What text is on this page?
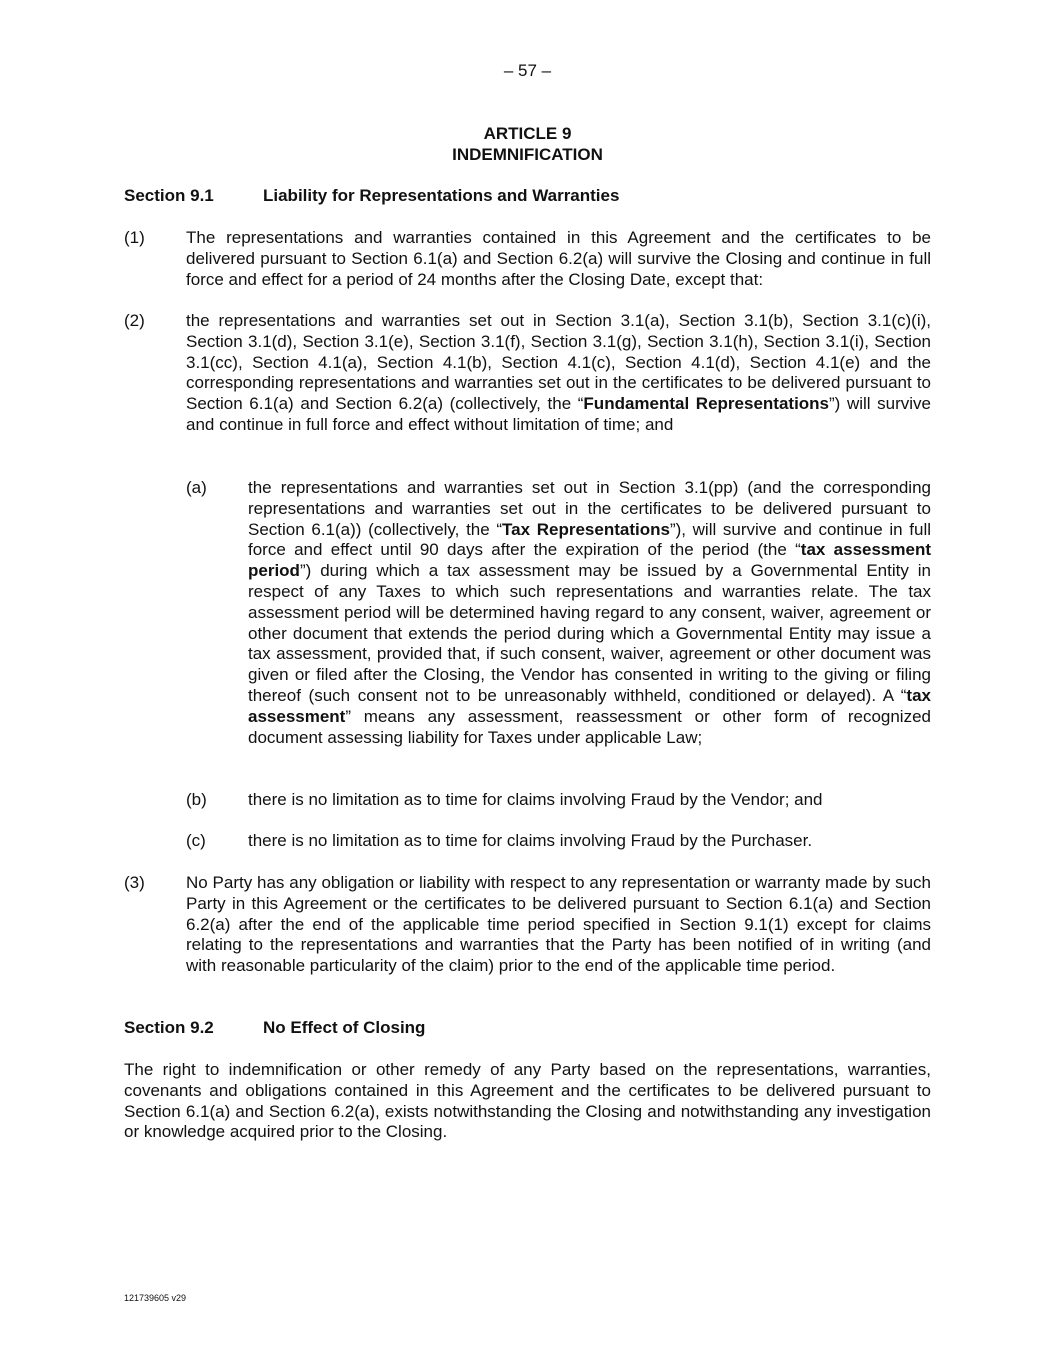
– 57 –
ARTICLE 9
INDEMNIFICATION
Section 9.1	Liability for Representations and Warranties
(1) The representations and warranties contained in this Agreement and the certificates to be delivered pursuant to Section 6.1(a) and Section 6.2(a) will survive the Closing and continue in full force and effect for a period of 24 months after the Closing Date, except that:
(2) the representations and warranties set out in Section 3.1(a), Section 3.1(b), Section 3.1(c)(i), Section 3.1(d), Section 3.1(e), Section 3.1(f), Section 3.1(g), Section 3.1(h), Section 3.1(i), Section 3.1(cc), Section 4.1(a), Section 4.1(b), Section 4.1(c), Section 4.1(d), Section 4.1(e) and the corresponding representations and warranties set out in the certificates to be delivered pursuant to Section 6.1(a) and Section 6.2(a) (collectively, the “Fundamental Representations”) will survive and continue in full force and effect without limitation of time; and
(a) the representations and warranties set out in Section 3.1(pp) (and the corresponding representations and warranties set out in the certificates to be delivered pursuant to Section 6.1(a)) (collectively, the “Tax Representations”), will survive and continue in full force and effect until 90 days after the expiration of the period (the “tax assessment period”) during which a tax assessment may be issued by a Governmental Entity in respect of any Taxes to which such representations and warranties relate. The tax assessment period will be determined having regard to any consent, waiver, agreement or other document that extends the period during which a Governmental Entity may issue a tax assessment, provided that, if such consent, waiver, agreement or other document was given or filed after the Closing, the Vendor has consented in writing to the giving or filing thereof (such consent not to be unreasonably withheld, conditioned or delayed). A “tax assessment” means any assessment, reassessment or other form of recognized document assessing liability for Taxes under applicable Law;
(b) there is no limitation as to time for claims involving Fraud by the Vendor; and
(c) there is no limitation as to time for claims involving Fraud by the Purchaser.
(3) No Party has any obligation or liability with respect to any representation or warranty made by such Party in this Agreement or the certificates to be delivered pursuant to Section 6.1(a) and Section 6.2(a) after the end of the applicable time period specified in Section 9.1(1) except for claims relating to the representations and warranties that the Party has been notified of in writing (and with reasonable particularity of the claim) prior to the end of the applicable time period.
Section 9.2	No Effect of Closing
The right to indemnification or other remedy of any Party based on the representations, warranties, covenants and obligations contained in this Agreement and the certificates to be delivered pursuant to Section 6.1(a) and Section 6.2(a), exists notwithstanding the Closing and notwithstanding any investigation or knowledge acquired prior to the Closing.
121739605 v29
